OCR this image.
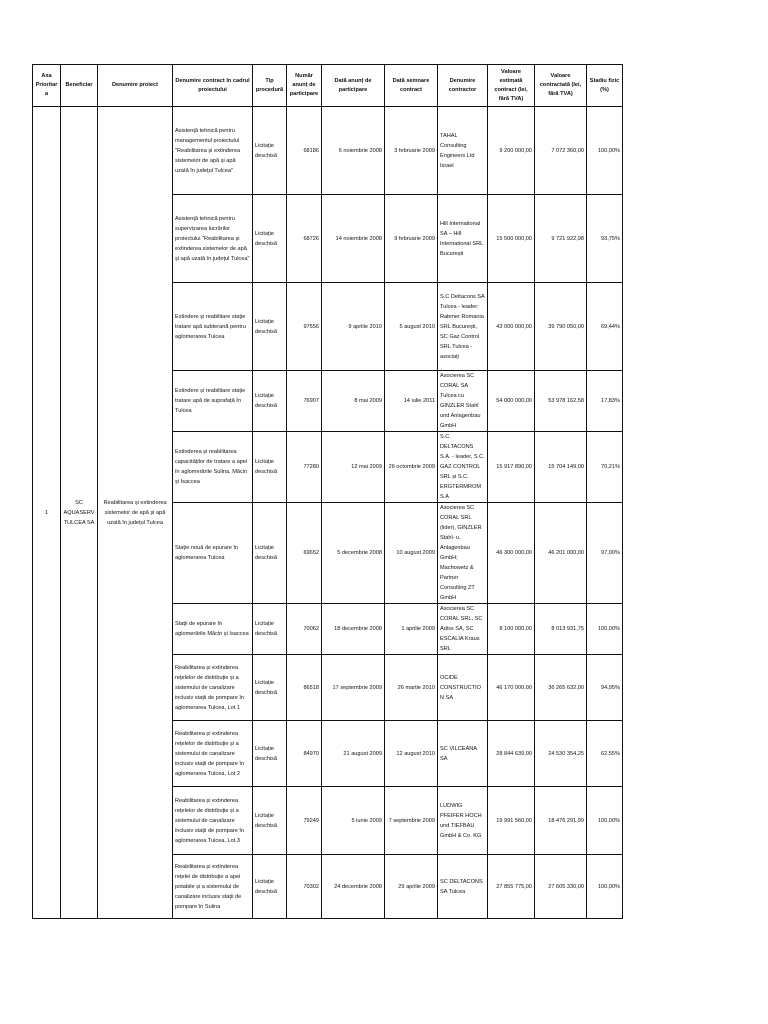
Axa Prioritara	Beneficiar	Denumire proiect	Denumire contract în cadrul proiectului	Tip procedură	Număr anunț de participare	Dată anunț de participare	Dată semnare contract	Denumire contractor	Valoare estimată contract (lei, fără TVA)	Valoare contractată (lei, fără TVA)	Stadiu fizic (%)
1	SC AQUASERV TULCEA SA	Reabilitarea și extinderea sistemelor de apă și apă uzată în județul Tulcea	Asistență tehnică pentru managementul proiectului "Reabilitarea și extinderea sistemelor de apă și apă uzată în județul Tulcea"	Licitație deschisă	68186	6 noiembrie 2008	3 februarie 2009	TAHAL Consulting Engineers Ltd Israel	9 200 000,00	7 072 360,00	100,00%
			Asistență tehnică pentru supervizarea lucrărilor proiectului "Reabilitarea și extinderea sistemelor de apă și apă uzată în județul Tulcea"	Licitație deschisă	68726	14 noiembrie 2008	9 februarie 2009	Hill International SA – Hill International SRL București	15 500 000,00	9 721 922,98	93,75%
			Extindere și reabilitare stație tratare apă subterană pentru aglomerarea Tulcea	Licitație deschisă	97556	9 aprilie 2010	5 august 2010	S.C Deltacons SA Tulcea - leader; Rabmer Romania SRL București, SC Gaz Control SRL Tulcea - asociați	43 000 000,00	39 790 050,00	69,44%
			Extindere și reabilitare stație tratare apă de suprafață în Tulcea	Licitație deschisă	76907	8 mai 2009	14 iulie 2011	Asocierea SC CORAL SA Tulcea cu GINZLER Stahl und Anlagenbau GmbH	54 000 000,00	53 978 162,58	17,83%
			Extinderea și reabilitarea capacităților de tratare a apei în aglomerările Sulina, Măcin și Isaccea	Licitație deschisă	77280	12 mai 2009	26 octombrie 2009	S.C. DELTACONS S.A. - leader, S.C. GAZ CONTROL SRL și S.C. ERGTERMROM S.A	15 917 890,00	15 704 149,00	70,21%
			Stație nouă de epurare în aglomerarea Tulcea	Licitație deschisă	69652	5 decembrie 2008	10 august 2009	Asocierea SC CORAL SRL (lider), GINZLER Stahl- u. Anlagenbau GmbH; Machowetz & Partner Consulting ZT GmbH	46 300 000,00	46 201 000,00	97,00%
			Stații de epurare în aglomerările Măcin și Isaccea	Licitație deschisă	70062	18 decembrie 2008	1 aprilie 2009	Asocierea SC CORAL SRL, SC Adiss SA, SC ESCALIA Kraus SRL	8 100 000,00	8 013 931,75	100,00%
			Reabilitarea și extinderea rețelelor de distribuție și a sistemului de canalizare inclusiv stații de pompare în aglomerarea Tulcea, Lot 1	Licitație deschisă	86518	17 septembrie 2009	26 martie 2010	OCIDE CONSTRUCTION SA	46 170 000,00	36 265 632,00	94,95%
			Reabilitarea și extinderea rețelelor de distribuție și a sistemului de canalizare inclusiv stații de pompare în aglomerarea Tulcea, Lot 2	Licitație deschisă	84970	21 august 2009	12 august 2010	SC VILCEANA SA	28 844 639,00	24 530 354,25	62,55%
			Reabilitarea și extinderea rețelelor de distribuție și a sistemului de canalizare inclusiv stații de pompare în aglomerarea Tulcea, Lot 3	Licitație deschisă	79249	5 iunie 2009	7 septembrie 2009	LUDWIG PFEIFER HOCH und TIEFBAU GmbH & Co. KG	19 991 560,00	18 476 291,99	100,00%
			Reabilitarea și extinderea rețelei de distribuție a apei potabile și a sistemului de canalizare inclusiv stații de pompare în Sulina	Licitație deschisă	70302	24 decembrie 2008	29 aprilie 2009	SC DELTACONS SA Tulcea	27 855 775,00	27 605 330,00	100,00%
